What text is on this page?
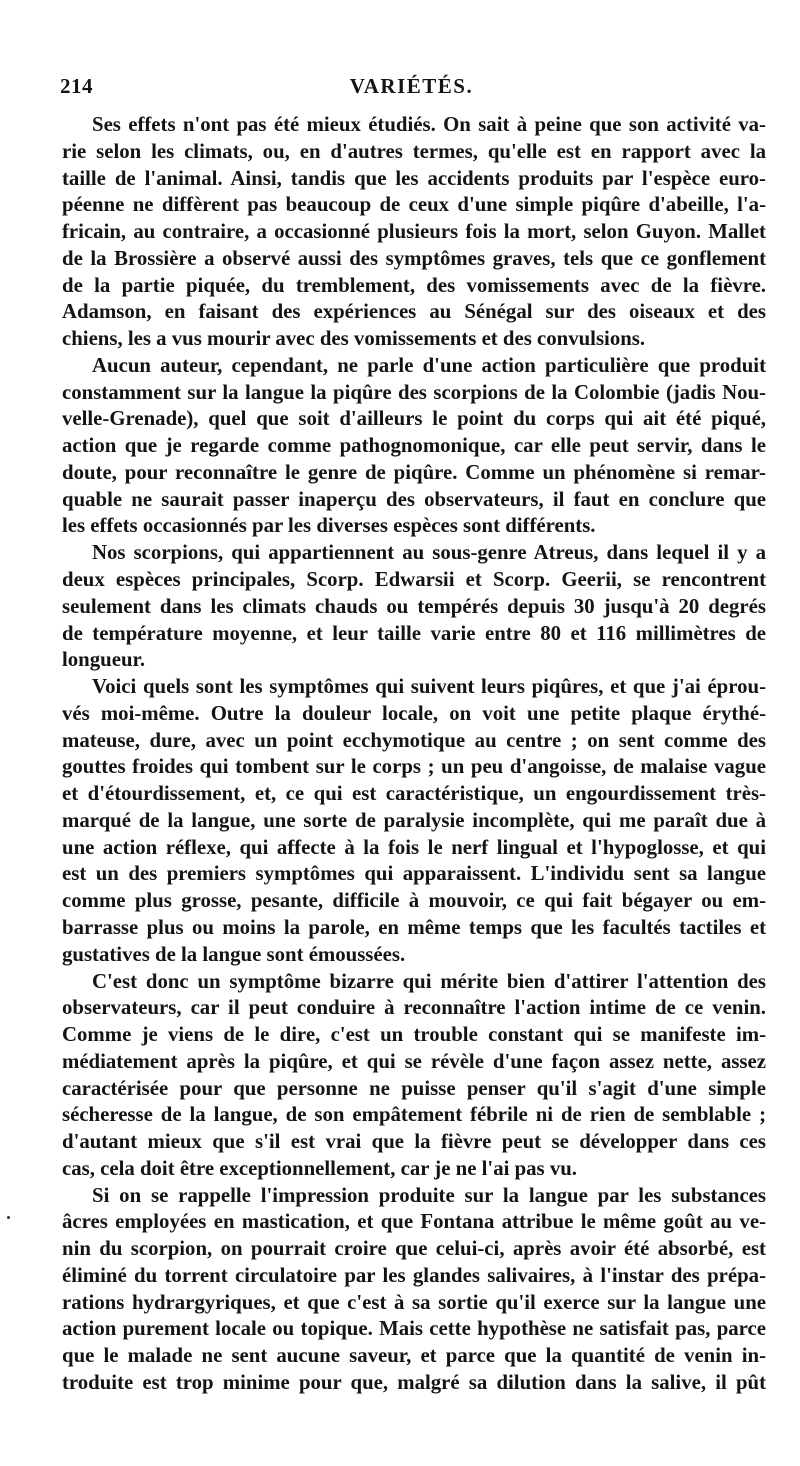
214	VARIÉTÉS.
Ses effets n'ont pas été mieux étudiés. On sait à peine que son activité va-
rie selon les climats, ou, en d'autres termes, qu'elle est en rapport avec la
taille de l'animal. Ainsi, tandis que les accidents produits par l'espèce euro-
péenne ne diffèrent pas beaucoup de ceux d'une simple piqûre d'abeille, l'a-
fricain, au contraire, a occasionné plusieurs fois la mort, selon Guyon. Mallet
de la Brossière a observé aussi des symptômes graves, tels que ce gonflement
de la partie piquée, du tremblement, des vomissements avec de la fièvre.
Adamson, en faisant des expériences au Sénégal sur des oiseaux et des
chiens, les a vus mourir avec des vomissements et des convulsions.
Aucun auteur, cependant, ne parle d'une action particulière que produit
constamment sur la langue la piqûre des scorpions de la Colombie (jadis Nou-
velle-Grenade), quel que soit d'ailleurs le point du corps qui ait été piqué,
action que je regarde comme pathognomonique, car elle peut servir, dans le
doute, pour reconnaître le genre de piqûre. Comme un phénomène si remar-
quable ne saurait passer inaperçu des observateurs, il faut en conclure que
les effets occasionnés par les diverses espèces sont différents.
Nos scorpions, qui appartiennent au sous-genre Atreus, dans lequel il y a
deux espèces principales, Scorp. Edwarsii et Scorp. Geerii, se rencontrent
seulement dans les climats chauds ou tempérés depuis 30 jusqu'à 20 degrés
de température moyenne, et leur taille varie entre 80 et 116 millimètres de
longueur.
Voici quels sont les symptômes qui suivent leurs piqûres, et que j'ai éprou-
vés moi-même. Outre la douleur locale, on voit une petite plaque érythé-
mateuse, dure, avec un point ecchymotique au centre ; on sent comme des
gouttes froides qui tombent sur le corps ; un peu d'angoisse, de malaise vague
et d'étourdissement, et, ce qui est caractéristique, un engourdissement très-
marqué de la langue, une sorte de paralysie incomplète, qui me paraît due à
une action réflexe, qui affecte à la fois le nerf lingual et l'hypoglosse, et qui
est un des premiers symptômes qui apparaissent. L'individu sent sa langue
comme plus grosse, pesante, difficile à mouvoir, ce qui fait bégayer ou em-
barrasse plus ou moins la parole, en même temps que les facultés tactiles et
gustatives de la langue sont émoussées.
C'est donc un symptôme bizarre qui mérite bien d'attirer l'attention des
observateurs, car il peut conduire à reconnaître l'action intime de ce venin.
Comme je viens de le dire, c'est un trouble constant qui se manifeste im-
médiatement après la piqûre, et qui se révèle d'une façon assez nette, assez
caractérisée pour que personne ne puisse penser qu'il s'agit d'une simple
sécheresse de la langue, de son empâtement fébrile ni de rien de semblable ;
d'autant mieux que s'il est vrai que la fièvre peut se développer dans ces
cas, cela doit être exceptionnellement, car je ne l'ai pas vu.
Si on se rappelle l'impression produite sur la langue par les substances
âcres employées en mastication, et que Fontana attribue le même goût au ve-
nin du scorpion, on pourrait croire que celui-ci, après avoir été absorbé, est
éliminé du torrent circulatoire par les glandes salivaires, à l'instar des prépa-
rations hydrargyriques, et que c'est à sa sortie qu'il exerce sur la langue une
action purement locale ou topique. Mais cette hypothèse ne satisfait pas, parce
que le malade ne sent aucune saveur, et parce que la quantité de venin in-
troduite est trop minime pour que, malgré sa dilution dans la salive, il pût
